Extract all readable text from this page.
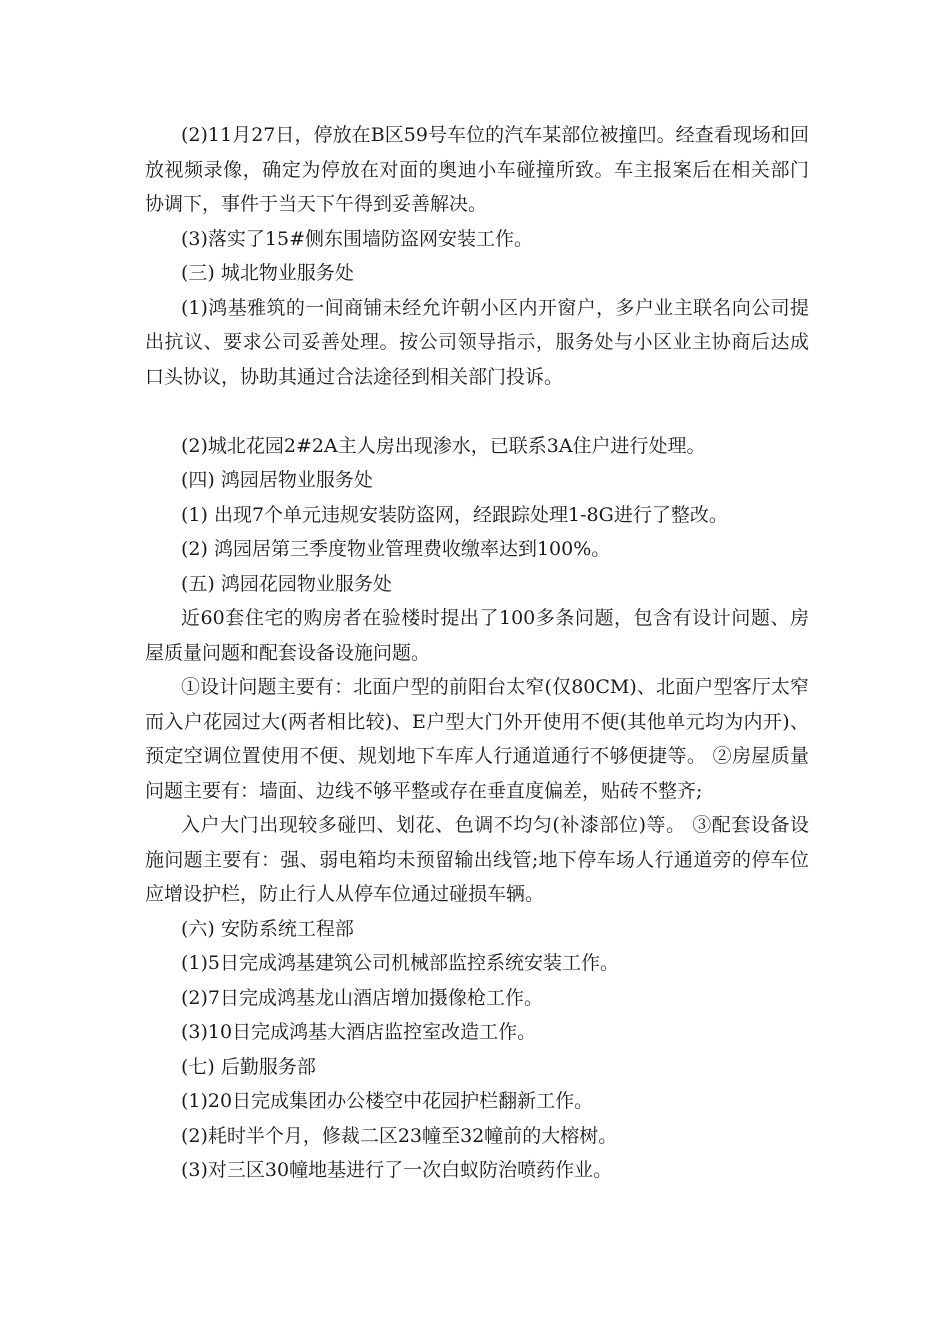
(2)11月27日，停放在B区59号车位的汽车某部位被撞凹。经查看现场和回放视频录像，确定为停放在对面的奥迪小车碰撞所致。车主报案后在相关部门协调下，事件于当天下午得到妥善解决。

(3)落实了15#侧东围墙防盗网安装工作。

(三) 城北物业服务处

(1)鸿基雅筑的一间商铺未经允许朝小区内开窗户，多户业主联名向公司提出抗议、要求公司妥善处理。按公司领导指示，服务处与小区业主协商后达成口头协议，协助其通过合法途径到相关部门投诉。

(2)城北花园2#2A主人房出现渗水，已联系3A住户进行处理。

(四) 鸿园居物业服务处

(1) 出现7个单元违规安装防盗网，经跟踪处理1-8G进行了整改。

(2) 鸿园居第三季度物业管理费收缴率达到100%。

(五) 鸿园花园物业服务处

近60套住宅的购房者在验楼时提出了100多条问题，包含有设计问题、房屋质量问题和配套设备设施问题。

①设计问题主要有：北面户型的前阳台太窄(仅80CM)、北面户型客厅太窄而入户花园过大(两者相比较)、E户型大门外开使用不便(其他单元均为内开)、预定空调位置使用不便、规划地下车库人行通道通行不够便捷等。 ②房屋质量问题主要有：墙面、边线不够平整或存在垂直度偏差，贴砖不整齐;

入户大门出现较多碰凹、划花、色调不均匀(补漆部位)等。 ③配套设备设施问题主要有：强、弱电箱均未预留输出线管;地下停车场人行通道旁的停车位应增设护栏，防止行人从停车位通过碰损车辆。

(六) 安防系统工程部

(1)5日完成鸿基建筑公司机械部监控系统安装工作。

(2)7日完成鸿基龙山酒店增加摄像枪工作。

(3)10日完成鸿基大酒店监控室改造工作。

(七) 后勤服务部

(1)20日完成集团办公楼空中花园护栏翻新工作。

(2)耗时半个月，修裁二区23幢至32幢前的大榕树。

(3)对三区30幢地基进行了一次白蚁防治喷药作业。
